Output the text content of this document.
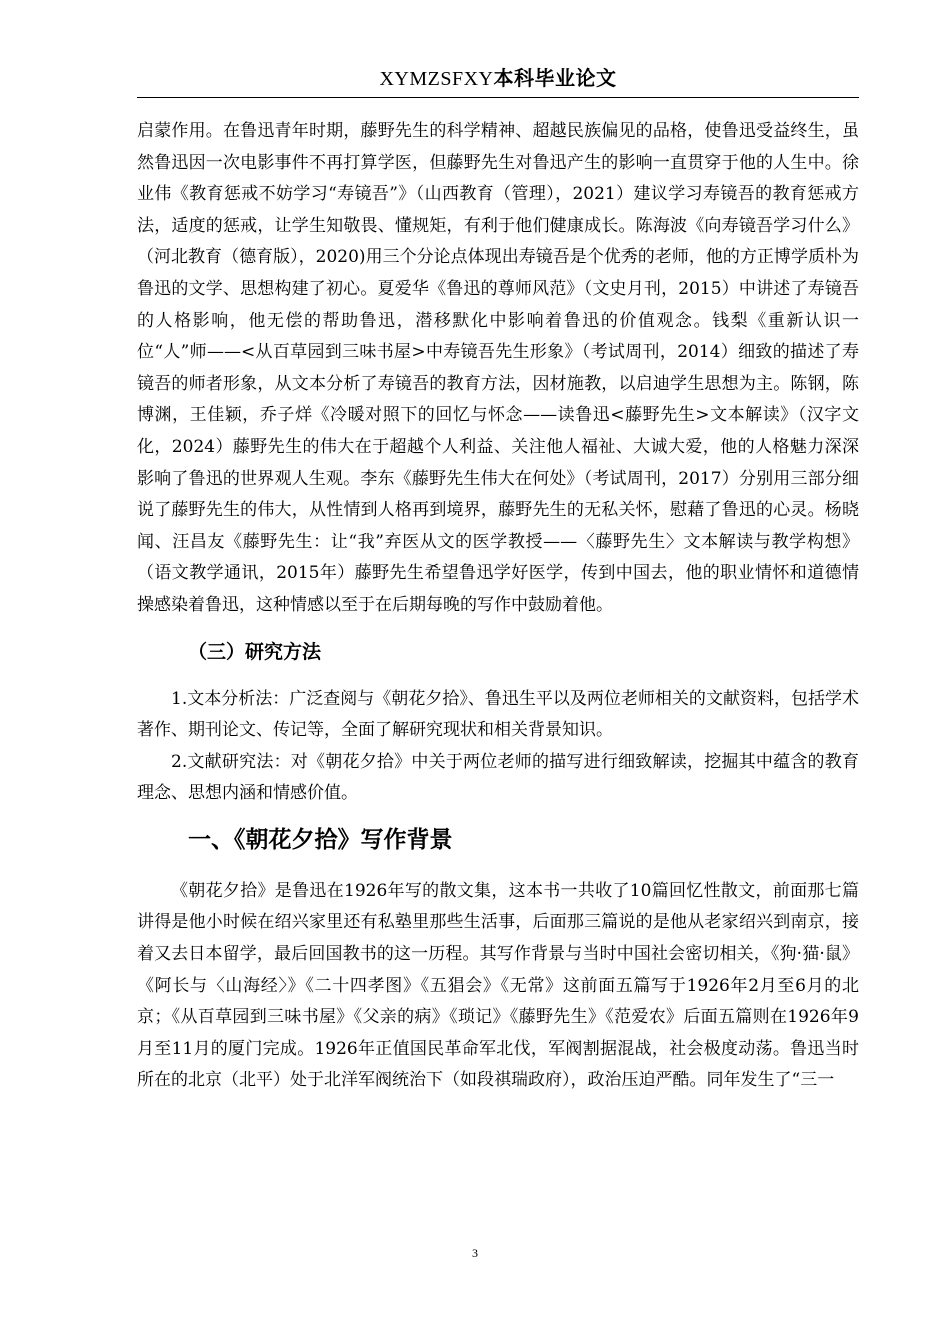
XYMZSFXY本科毕业论文

启蒙作用。在鲁迅青年时期，藤野先生的科学精神、超越民族偏见的品格，使鲁迅受益终生，虽然鲁迅因一次电影事件不再打算学医，但藤野先生对鲁迅产生的影响一直贯穿于他的人生中。徐业伟《教育惩戒不妨学习“寿镜吾”》（山西教育（管理），2021）建议学习寿镜吾的教育惩戒方法，适度的惩戒，让学生知敬畏、懂规矩，有利于他们健康成长。陈海波《向寿镜吾学习什么》（河北教育（德育版），2020)用三个分论点体现出寿镜吾是个优秀的老师，他的方正博学质朴为鲁迅的文学、思想构建了初心。夏爱华《鲁迅的尊师风范》（文史月刊，2015）中讲述了寿镜吾的人格影响，他无偿的帮助鲁迅，潜移默化中影响着鲁迅的价值观念。钱梨《重新认识一位“人”师——<从百草园到三味书屋>中寿镜吾先生形象》（考试周刊，2014）细致的描述了寿镜吾的师者形象，从文本分析了寿镜吾的教育方法，因材施教，以启迪学生思想为主。陈钢，陈博渊，王佳颖，乔子烊《冷暖对照下的回忆与怀念——读鲁迅<藤野先生>文本解读》（汉字文化，2024）藤野先生的伟大在于超越个人利益、关注他人福祉、大诚大爱，他的人格魅力深深影响了鲁迅的世界观人生观。李东《藤野先生伟大在何处》（考试周刊，2017）分别用三部分细说了藤野先生的伟大，从性情到人格再到境界，藤野先生的无私关怀，慰藉了鲁迅的心灵。杨晓闻、汪昌友《藤野先生：让“我”弃医从文的医学教授——〈藤野先生〉文本解读与教学构想》（语文教学通讯，2015年）藤野先生希望鲁迅学好医学，传到中国去，他的职业情怀和道德情操感染着鲁迅，这种情感以至于在后期每晚的写作中鼓励着他。

（三）研究方法

1.文本分析法：广泛查阅与《朝花夕拾》、鲁迅生平以及两位老师相关的文献资料，包括学术著作、期刊论文、传记等，全面了解研究现状和相关背景知识。

2.文献研究法：对《朝花夕拾》中关于两位老师的描写进行细致解读，挖掘其中蕴含的教育理念、思想内涵和情感价值。

一、《朝花夕拾》写作背景

《朝花夕拾》是鲁迅在1926年写的散文集，这本书一共收了10篇回忆性散文，前面那七篇讲得是他小时候在绍兴家里还有私塾里那些生活事，后面那三篇说的是他从老家绍兴到南京，接着又去日本留学，最后回国教书的这一历程。其写作背景与当时中国社会密切相关，《狗·猫·鼠》《阿长与〈山海经〉》《二十四孝图》《五猖会》《无常》这前面五篇写于1926年2月至6月的北京；《从百草园到三味书屋》《父亲的病》《琐记》《藤野先生》《范爱农》后面五篇则在1926年9月至11月的厦门完成。1926年正值国民革命军北伐，军阀割据混战，社会极度动荡。鲁迅当时所在的北京（北平）处于北洋军阀统治下（如段祺瑞政府），政治压迫严酷。同年发生了“三一

3
